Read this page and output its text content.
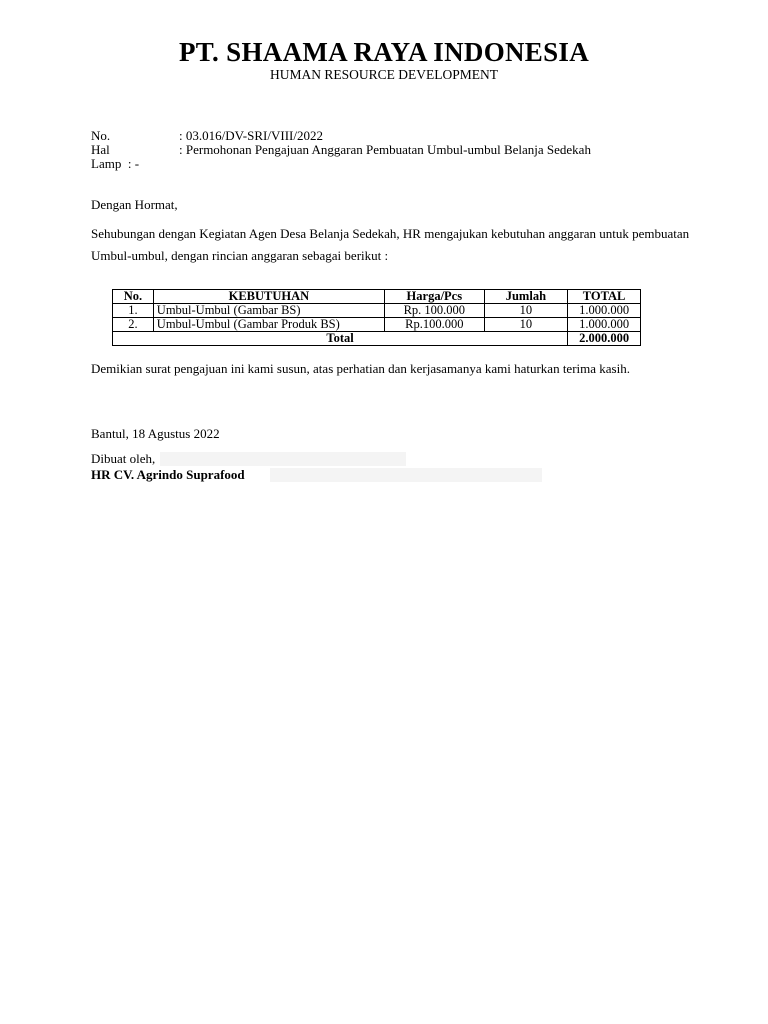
PT. SHAAMA RAYA INDONESIA
HUMAN RESOURCE DEVELOPMENT
No.	: 03.016/DV-SRI/VIII/2022
Hal	: Permohonan Pengajuan Anggaran Pembuatan Umbul-umbul Belanja Sedekah
Lamp : -
Dengan Hormat,
Sehubungan dengan Kegiatan Agen Desa Belanja Sedekah, HR mengajukan kebutuhan anggaran untuk pembuatan Umbul-umbul, dengan rincian anggaran sebagai berikut :
No.	KEBUTUHAN	Harga/Pcs	Jumlah	TOTAL
1.	Umbul-Umbul (Gambar BS)	Rp. 100.000	10	1.000.000
2.	Umbul-Umbul (Gambar Produk BS)	Rp.100.000	10	1.000.000
Total				2.000.000
Demikian surat pengajuan ini kami susun, atas perhatian dan kerjasamanya kami haturkan terima kasih.
Bantul, 18 Agustus 2022
Dibuat oleh,
HR CV. Agrindo Suprafood
